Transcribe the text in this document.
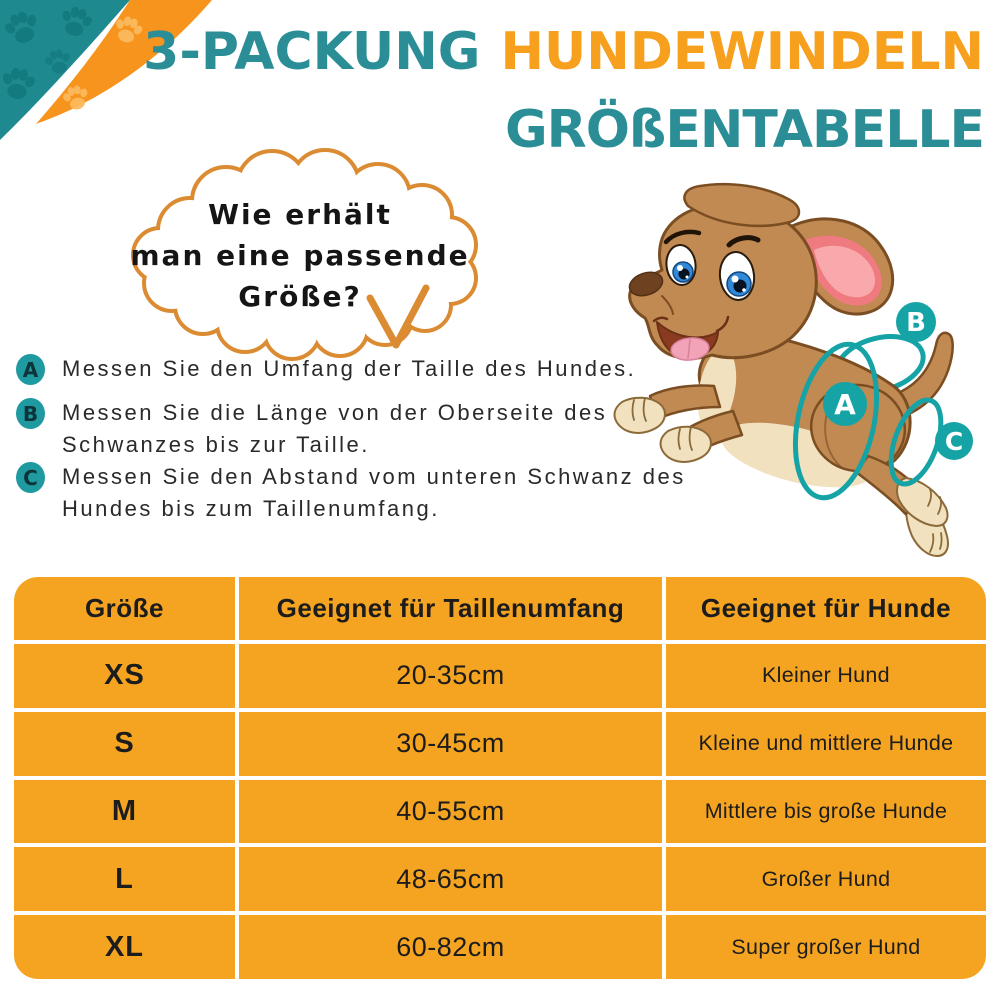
3-PACKUNG HUNDEWINDELN
GRÖßENTABELLE
Wie erhält
man eine passende
Größe?
A
B
C
A	Messen Sie den Umfang der Taille des Hundes.
B	Messen Sie die Länge von der Oberseite des
Schwanzes bis zur Taille.
C	Messen Sie den Abstand vom unteren Schwanz des
Hundes bis zum Taillenumfang.
Größe	Geeignet für Taillenumfang	Geeignet für Hunde
XS	20-35cm	Kleiner Hund
S	30-45cm	Kleine und mittlere Hunde
M	40-55cm	Mittlere bis große Hunde
L	48-65cm	Großer Hund
XL	60-82cm	Super großer Hund
